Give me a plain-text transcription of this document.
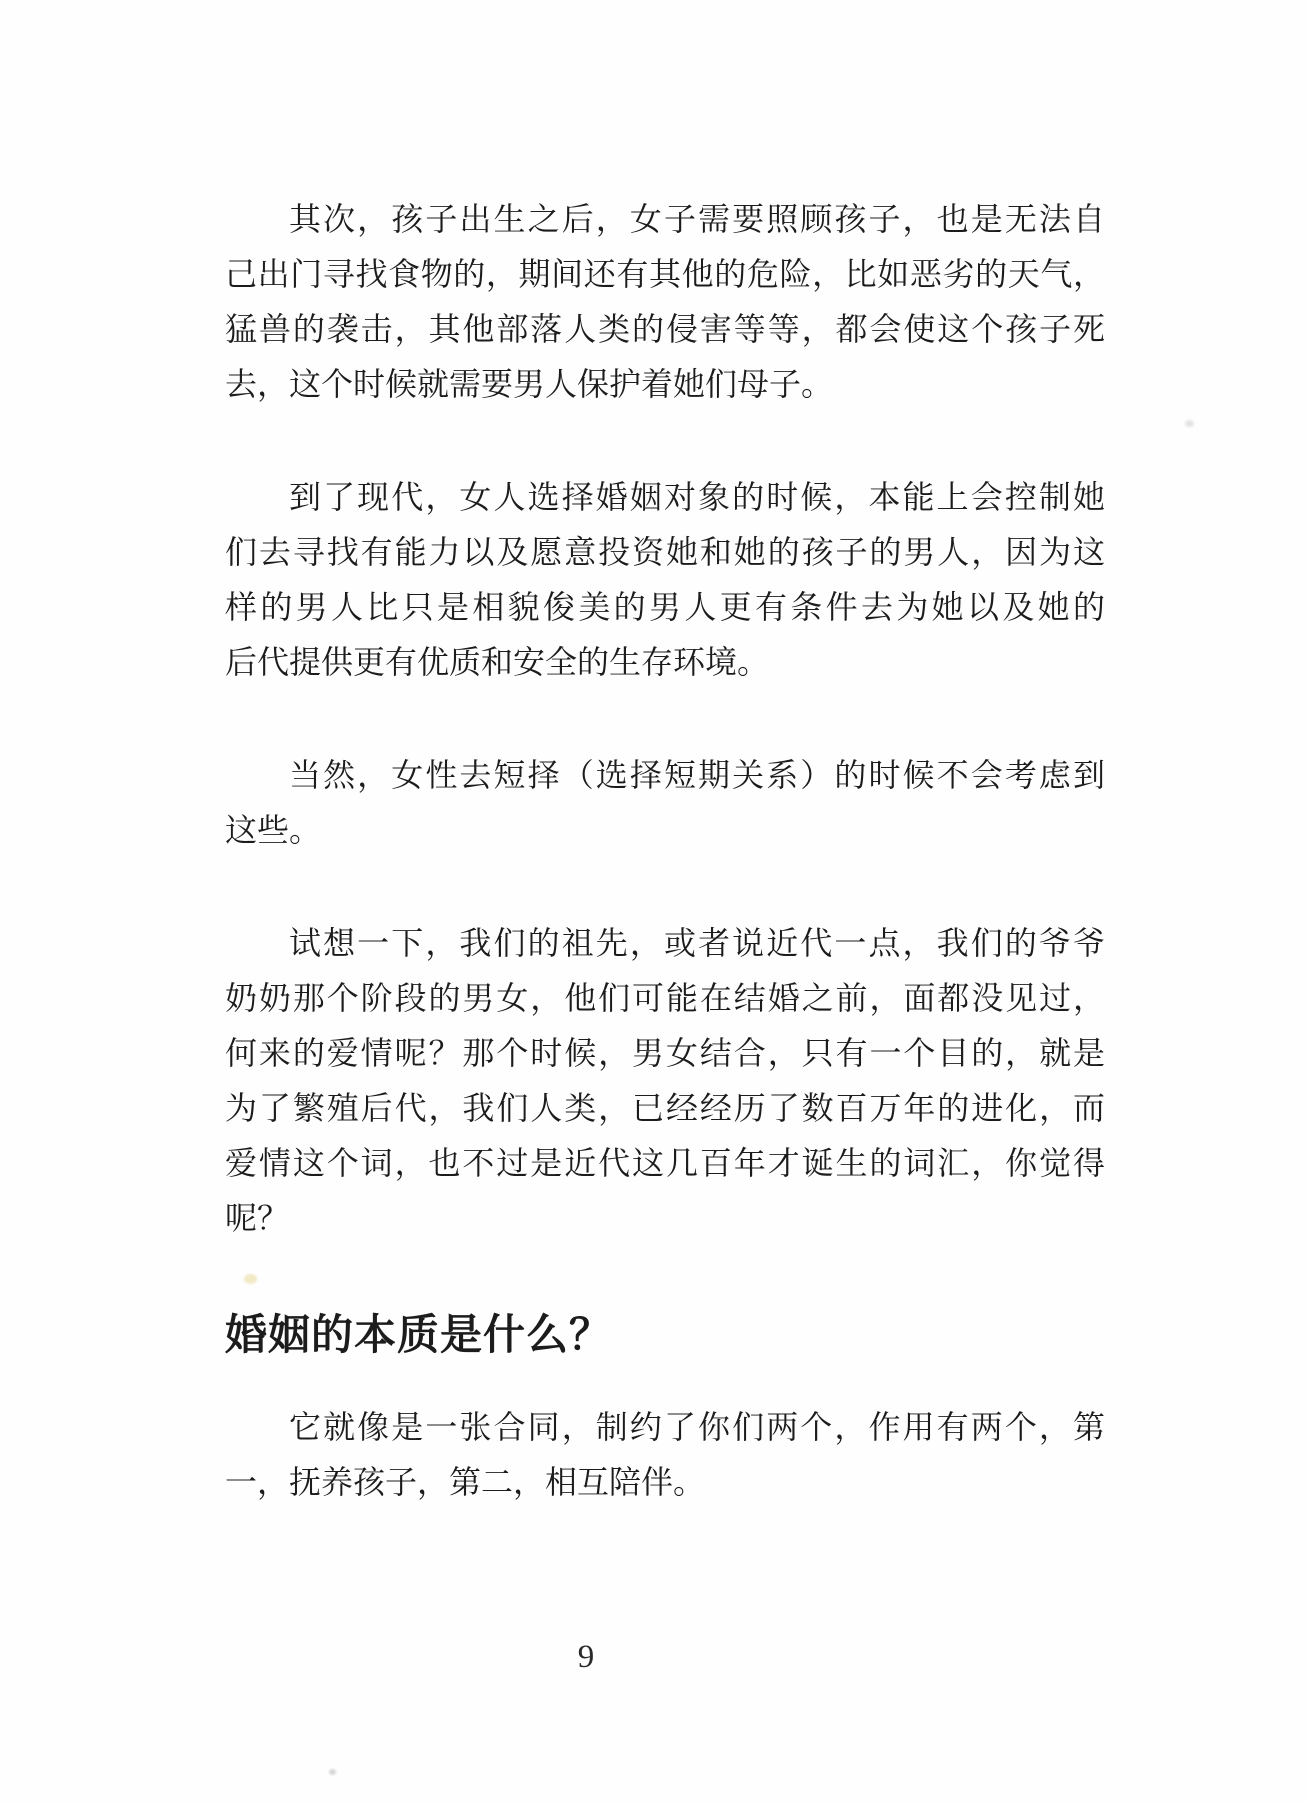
其次，孩子出生之后，女子需要照顾孩子，也是无法自
己出门寻找食物的，期间还有其他的危险，比如恶劣的天气，
猛兽的袭击，其他部落人类的侵害等等，都会使这个孩子死
去，这个时候就需要男人保护着她们母子。
到了现代，女人选择婚姻对象的时候，本能上会控制她
们去寻找有能力以及愿意投资她和她的孩子的男人，因为这
样的男人比只是相貌俊美的男人更有条件去为她以及她的
后代提供更有优质和安全的生存环境。
当然，女性去短择（选择短期关系）的时候不会考虑到
这些。
试想一下，我们的祖先，或者说近代一点，我们的爷爷
奶奶那个阶段的男女，他们可能在结婚之前，面都没见过，
何来的爱情呢？那个时候，男女结合，只有一个目的，就是
为了繁殖后代，我们人类，已经经历了数百万年的进化，而
爱情这个词，也不过是近代这几百年才诞生的词汇，你觉得
呢？
婚姻的本质是什么？
它就像是一张合同，制约了你们两个，作用有两个，第
一，抚养孩子，第二，相互陪伴。
9
